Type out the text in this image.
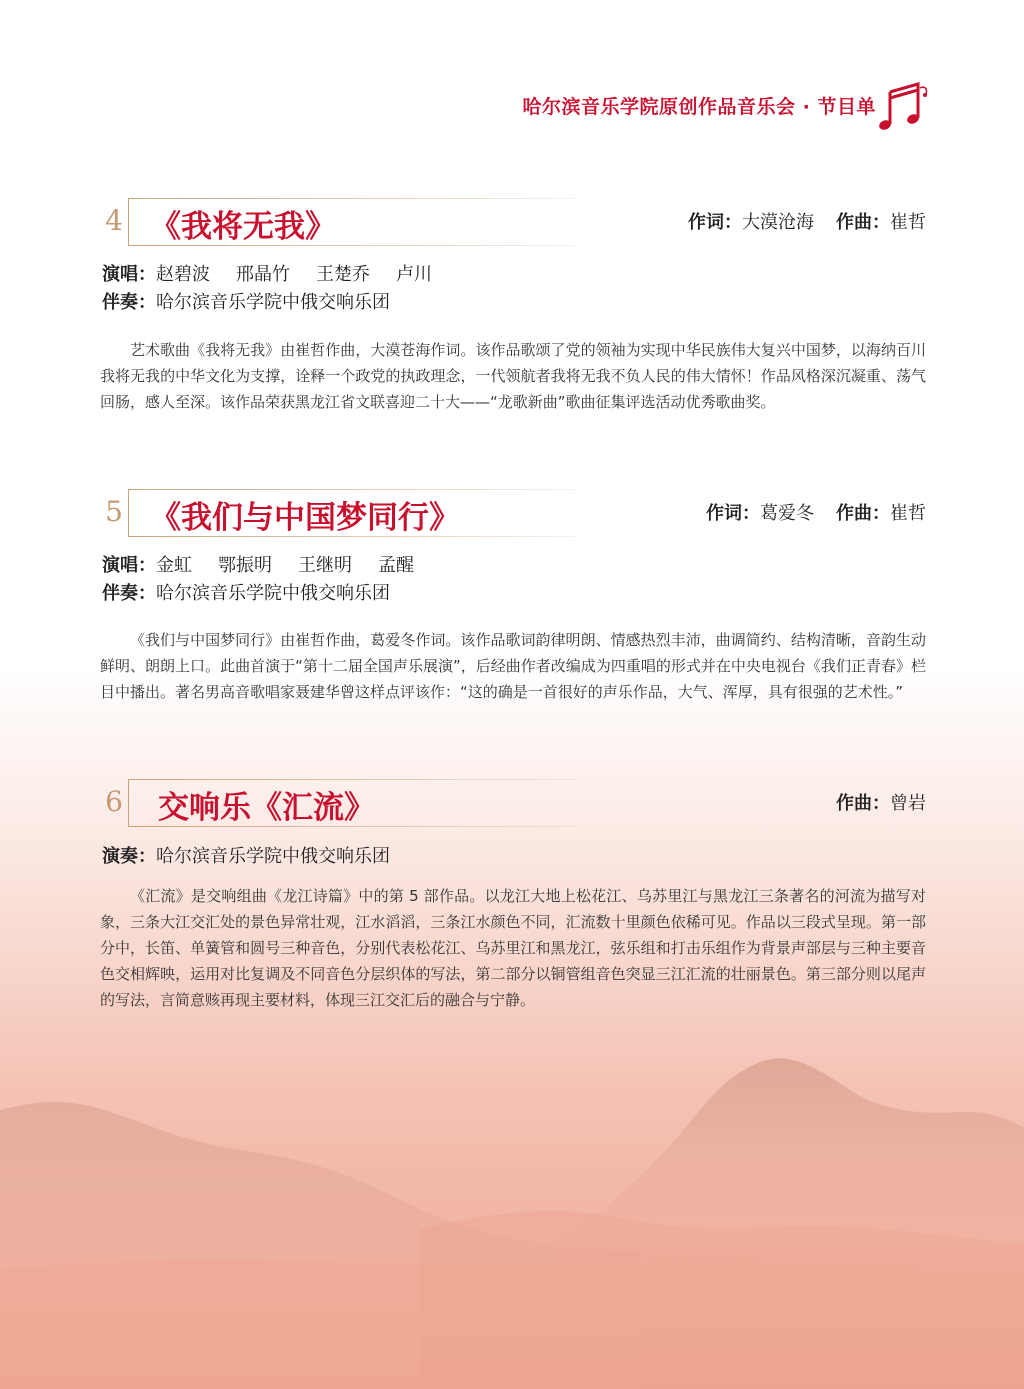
哈尔滨音乐学院原创作品音乐会 · 节目单
4 《我将无我》	作词：大漠沧海 作曲：崔哲
演唱：赵碧波 邢晶竹 王楚乔 卢川
伴奏：哈尔滨音乐学院中俄交响乐团

艺术歌曲《我将无我》由崔哲作曲，大漠苍海作词。该作品歌颂了党的领袖为实现中华民族伟大复兴中国梦，以海纳百川我将无我的中华文化为支撑，诠释一个政党的执政理念，一代领航者我将无我不负人民的伟大情怀！作品风格深沉凝重、荡气回肠，感人至深。该作品荣获黑龙江省文联喜迎二十大——“龙歌新曲”歌曲征集评选活动优秀歌曲奖。

5 《我们与中国梦同行》	作词：葛爱冬 作曲：崔哲
演唱：金虹 鄂振明 王继明 孟醒
伴奏：哈尔滨音乐学院中俄交响乐团

《我们与中国梦同行》由崔哲作曲，葛爱冬作词。该作品歌词韵律明朗、情感热烈丰沛，曲调简约、结构清晰，音韵生动鲜明、朗朗上口。此曲首演于“第十二届全国声乐展演”，后经曲作者改编成为四重唱的形式并在中央电视台《我们正青春》栏目中播出。著名男高音歌唱家聂建华曾这样点评该作：“这的确是一首很好的声乐作品，大气、浑厚，具有很强的艺术性。”

6 交响乐《汇流》	作曲：曾岩
演奏：哈尔滨音乐学院中俄交响乐团

《汇流》是交响组曲《龙江诗篇》中的第 5 部作品。以龙江大地上松花江、乌苏里江与黑龙江三条著名的河流为描写对象，三条大江交汇处的景色异常壮观，江水滔滔，三条江水颜色不同，汇流数十里颜色依稀可见。作品以三段式呈现。第一部分中，长笛、单簧管和圆号三种音色，分别代表松花江、乌苏里江和黑龙江，弦乐组和打击乐组作为背景声部层与三种主要音色交相辉映，运用对比复调及不同音色分层织体的写法，第二部分以铜管组音色突显三江汇流的壮丽景色。第三部分则以尾声的写法，言简意赅再现主要材料，体现三江交汇后的融合与宁静。
